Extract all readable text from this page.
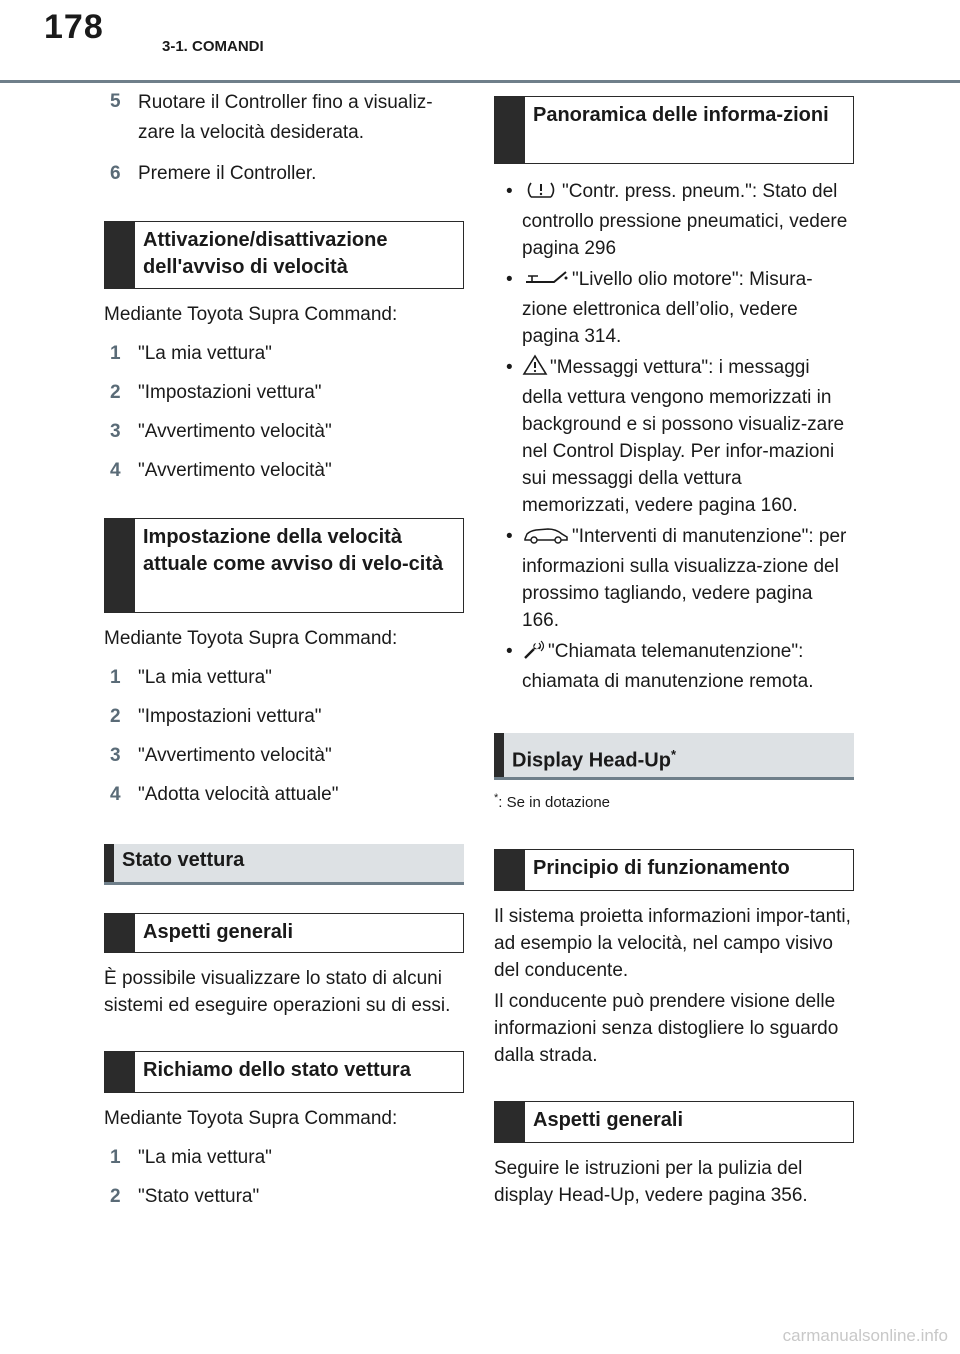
178
3-1. COMANDI
5 Ruotare il Controller fino a visualiz-zare la velocità desiderata.
6 Premere il Controller.
Attivazione/disattivazione dell'avviso di velocità

Mediante Toyota Supra Command:

1 "La mia vettura"
2 "Impostazioni vettura"
3 "Avvertimento velocità"
4 "Avvertimento velocità"
Impostazione della velocità attuale come avviso di velo-cità

Mediante Toyota Supra Command:

1 "La mia vettura"
2 "Impostazioni vettura"
3 "Avvertimento velocità"
4 "Adotta velocità attuale"
Stato vettura
Aspetti generali

È possibile visualizzare lo stato di alcuni sistemi ed eseguire operazioni su di essi.

Richiamo dello stato vettura

Mediante Toyota Supra Command:

1 "La mia vettura"
2 "Stato vettura"
Panoramica delle informa-zioni
•	"Contr. press. pneum.": Stato del controllo pressione pneumatici, vedere pagina 296
•	"Livello olio motore": Misura-zione elettronica dell’olio, vedere pagina 314.
•	"Messaggi vettura": i messaggi della vettura vengono memorizzati in background e si possono visualiz-zare nel Control Display. Per infor-mazioni sui messaggi della vettura memorizzati, vedere pagina 160.
•	"Interventi di manutenzione": per informazioni sulla visualizza-zione del prossimo tagliando, vedere pagina 166.
•	"Chiamata telemanutenzione": chiamata di manutenzione remota.
Display Head-Up*
*: Se in dotazione
Principio di funzionamento

Il sistema proietta informazioni impor-tanti, ad esempio la velocità, nel campo visivo del conducente.

Il conducente può prendere visione delle informazioni senza distogliere lo sguardo dalla strada.

Aspetti generali

Seguire le istruzioni per la pulizia del display Head-Up, vedere pagina 356.

carmanualsonline.info
